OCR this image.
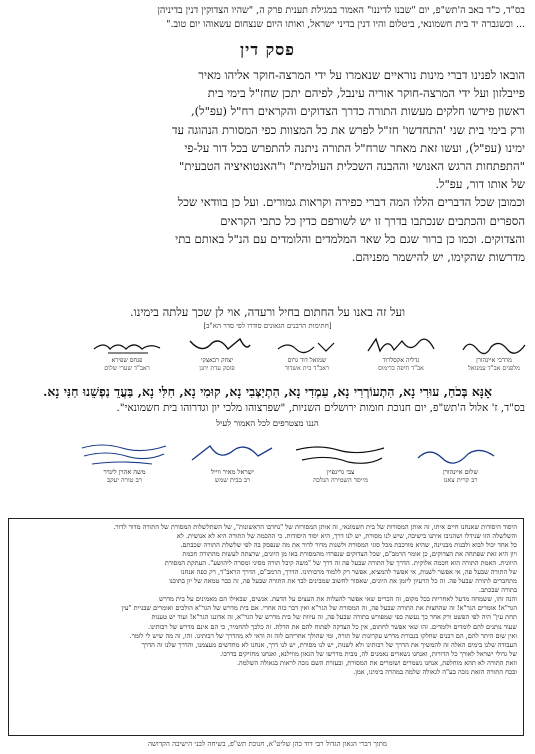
בס"ד, כ"ד באב ה'תש"פ, יום "שבנו לדיננו" האמור במגילת תענית פרק ה, "שהיו הצדוקין דנין בדיניהן
... וכשגברה יד בית חשמונאי, ביטלום והיו דנין בדיני ישראל, ואותו היום שנצחום עשאוהו יום טוב."
פסק דין
הובאו לפנינו דברי מינות נוראיים שנאמרו על ידי המרצה-חוקר אליהו מאיר
פייבלזון ועל ידי המרצה-חוקר אוריה עינבל, לפיהם יתכן שחז"ל בימי בית
ראשון פירשו חלקים מעשות התורה כדרך הצדוקים והקראים רח"ל (עפ"ל),
ורק בימי בית שני 'התחדשו' חז"ל לפרש את כל המצוות כפי המסורת הנהוגה עד
ימינו (עפ"ל), ועשו זאת מאחר שרח"ל התורה ניתנה להתפרש בכל דור על-פי
"התפתחות הרגש האנושי וההבנה השכלית העולמית" ו"האנטואיציה הטבעית"
של אותו דור, עפ"ל.
וכמובן שכל הדברים הללו המה דברי כפירה וקראות גמורים. ועל כן בוודאי שכל
הספרים והכתבים שנכתבו בדרך זו יש לשורפם כדין כל כתבי הקראים
והצדוקים. וכמו כן ברור שגם כל שאר המלמדים והלומדים עם הנ"ל באותם בתי
מדרשות שהקימו, יש להישמר מפניהם.
ועל זה באנו על החתום בחיל ורעדה, אוי לן שכך עלתה בימינו.
[חתימות הרבנים הגאונים סודרו לפי סדר הא"ב]
מרדכי איינהורן
מלפנים אב"ד עמנואל
גדליה אקסלרוד
אב"ד חיפה בדימוס
שמואל דוד גרוס
ראב"ד בית אשדוד
יצחק רבאצקי
פוסק עדת יתנן
פנחס שפירא
ראב"ד שערי שלום
אָנָּא בְּכֹחַ, עוּרִי נָא, הִתְעוֹרְרִי נָא, עִמְדִי נָא, הִתְיַצְּבִי נָא, קוּמִי נָא, חִלִּי נָא, בַּעֲדֵ נַפְשֵׁנוּ חַנִּי נָא.
בס"ד, ז' אלול ה'תש"פ, יום חנוכת חומות ירושלים השניות, "שפרצוהו מלכי יון וגדרוהו בית חשמונאי".
הננו מצטרפים לכל האמור לעיל
שלום איינהורן
רב קרית צאנז
צבי גרינפיין
מייסד השמירה הנלכה
ישראל מאיר ווייל
רב בבית שמש
משה אהרן לינדר
רב טורה יעקב
היסוד היסודות שאנחנו חיים איתו, זה אותן המסורות של בית חשמונאי, זה אותן המסורות של "נחרבו הראשונות", של השתלשלות המסורת של התורה מדור לדור.
והשלשלה הזו שנידלו ושהניבו איתנו בישיבה, שיש לנו מסורת, יש לנו דרך, היא יסוד היסודות. כי ההכמה של התורה היא לא אנושית. לא
כל אחד יכול לבוא ולבנות מבניינה, שהיא מורכבת מכל סוגי המסורת ולשנות מדור לדור את מה שנפסק בה לפי שלשלת התורה שכבתם.
ויון היא זאת שפתחה את הצדוקים, כן אומר הרמב"ם, שכל הצדוקים שנפרדו מהמסורת באו מן היונים, שרצתה לעשות מהתורה חכמת
היוונית. האמת התורה הוא חכמה אלוקית. הדרך של התורה שבעל פה זה דרך של "משה קיבל תורה מסיני ומסרה ליהושע". העתקת המסורת
של התורה שבעל פה, אי אפשר לשנות, אי אפשר להמציא, אפשר רק ללמוד מרבותינו. הדרך, הרמב"ם, הדרך הראב"ד, רק כפה אנחנו
מתחברים לתורה שבעל פה. זה כל הרעיון ליזמן את היונים, שאסור לחשוב שמבינים לבד את התורה שבעל פה, זה כבר טמאה של יון בתוכנו
בתורה שבכתב.
והנה זהו, ששמחה מדעל לאחריות בכל מקום, זה הכרים שאי אפשר להעלות את העצים על הדעת. אנשים, שבאילו הם מאמינים על בית מדרש
הגר"א! אומרים הגר"א! זה שהחצות את התורה שבעל פה, זה המסורת של הגר"א ואין דבר כזה אחרי. אם בית מדרש של הגר"א הולכים ואומרים שבניית "עין
תחת עין" היה לפי הפשט ורק אחר כך נעשה כפי שמפורש בתורה שבעל פה, זה עיוות של בית מדרש של הגר"א, זה אדוננו הגר"א! ועוד יש טענות
שעוד נותנים להם לומדים ולומדים. זהו שאי אפשר לחתום, אין כל הצדקה לפתוח להם את הדלת. זה כלכך להחמיר, כי הם אינם מדרש של רבותינו.
ואין שום היתר להם, הם רבנים שחלקו בגבורת מדרש עקרונות של תורה, ומי שהולך אחריהם לזה זה ודאי לא מהדרך של רבותינו. זהו, זה מה שיש לי לומר.
העבודה שלנו בימים האלה זה להמשיך את הדרך של רבותינו ולא לשנות, יש לנו מסורת, יש לנו דרך, אנחנו לא מחדשים מעצמנו, והדרך שלנו זה הדרך
של גדולי ישראל לאורך כל הדורות, ואנחנו נשארים נאמנים לה, מבית מדרשו של הגאון מווילנא, ואנחנו מחזיקים בדרכו.
וזאת התורה לא תהא מוחלפת, אנחנו נשמרים ושומרים את המסורת, ובעזרת השם נזכה לראות בגאולה השלמה.
ובכח התורה הזאת נזכה בע"ה לגאולה שלמה במהרה בימינו, אמן.
מתוך דברי הגאון הגדול רבי דוד כהן שליט"א, חנוכת תש"פ, בשיחה לבני הישיבה הקדושה
